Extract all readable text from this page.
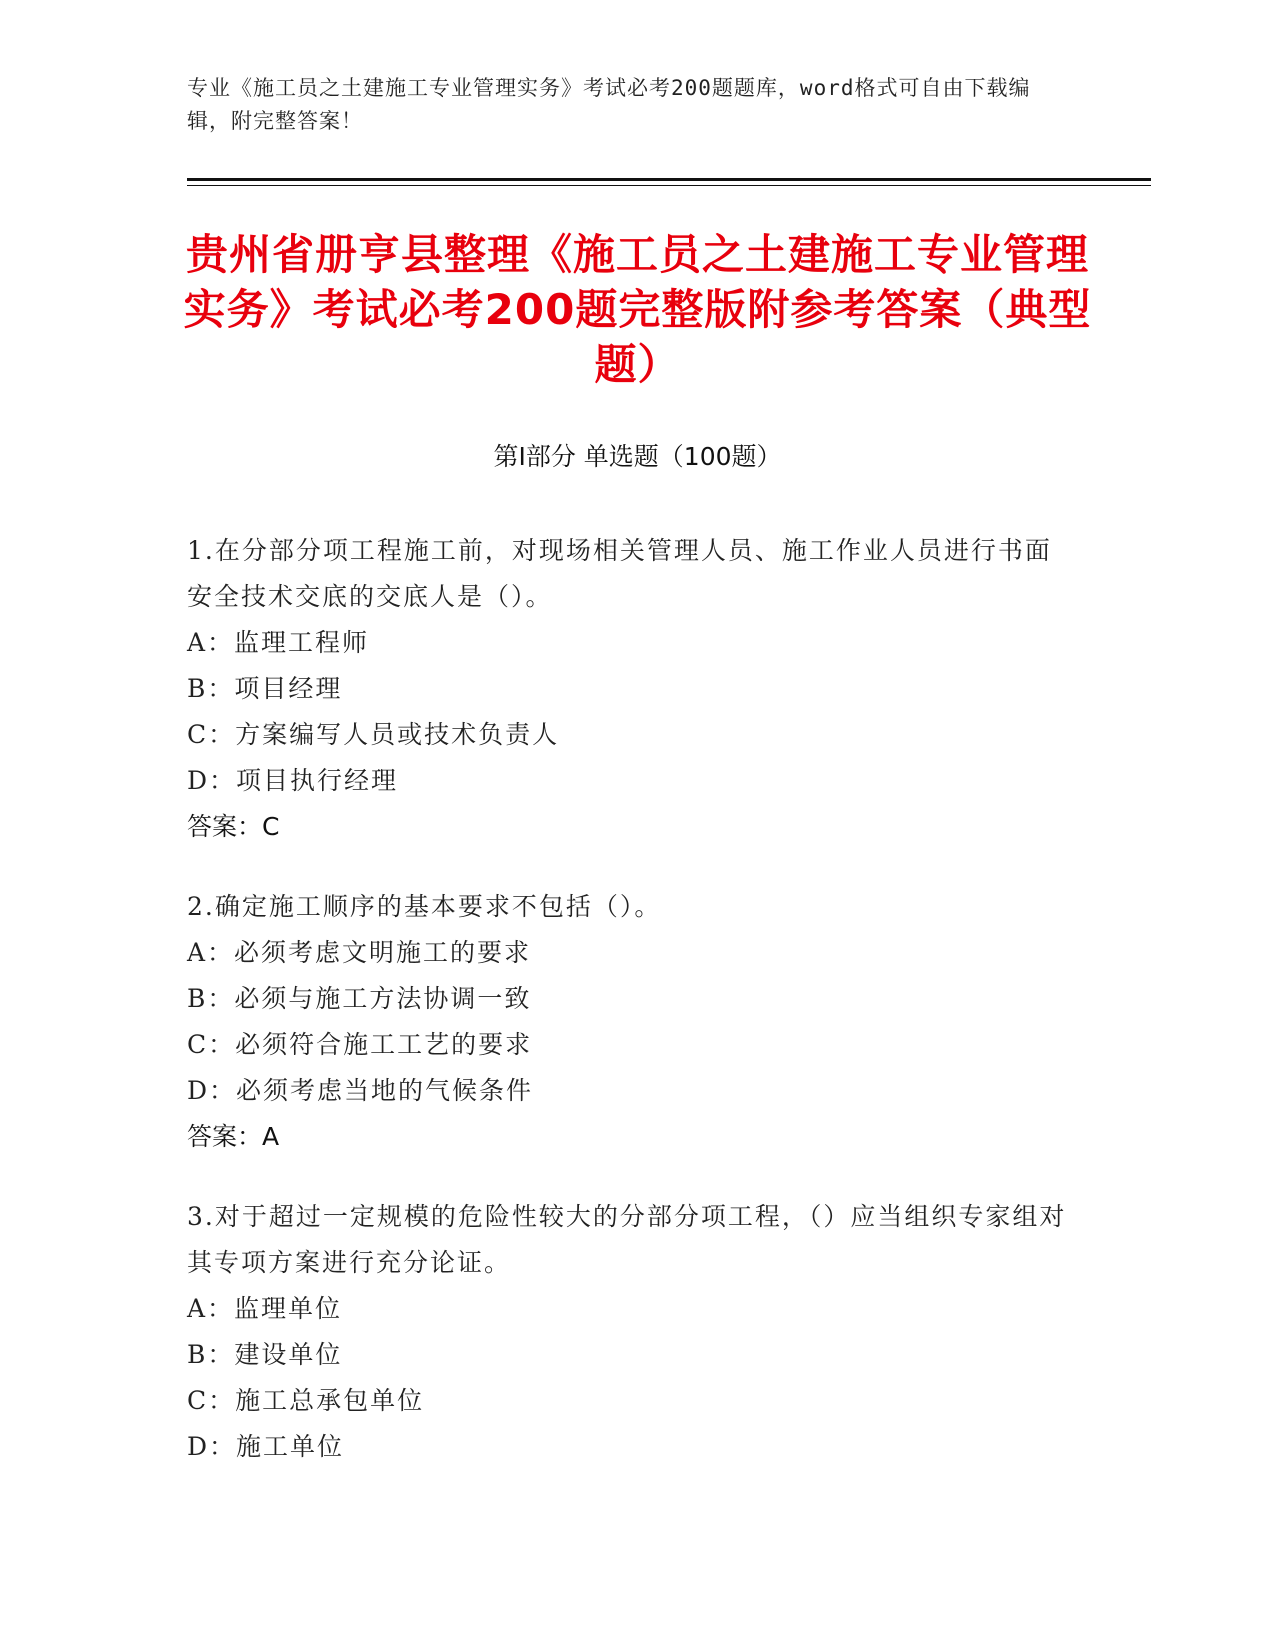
专业《施工员之土建施工专业管理实务》考试必考200题题库，word格式可自由下载编辑，附完整答案！
贵州省册亨县整理《施工员之土建施工专业管理实务》考试必考200题完整版附参考答案（典型题）
第Ⅰ部分 单选题（100题）

1.在分部分项工程施工前，对现场相关管理人员、施工作业人员进行书面安全技术交底的交底人是（）。

A：监理工程师

B：项目经理

C：方案编写人员或技术负责人

D：项目执行经理

答案：C

2.确定施工顺序的基本要求不包括（）。

A：必须考虑文明施工的要求

B：必须与施工方法协调一致

C：必须符合施工工艺的要求

D：必须考虑当地的气候条件

答案：A

3.对于超过一定规模的危险性较大的分部分项工程，（）应当组织专家组对其专项方案进行充分论证。

A：监理单位

B：建设单位

C：施工总承包单位

D：施工单位
